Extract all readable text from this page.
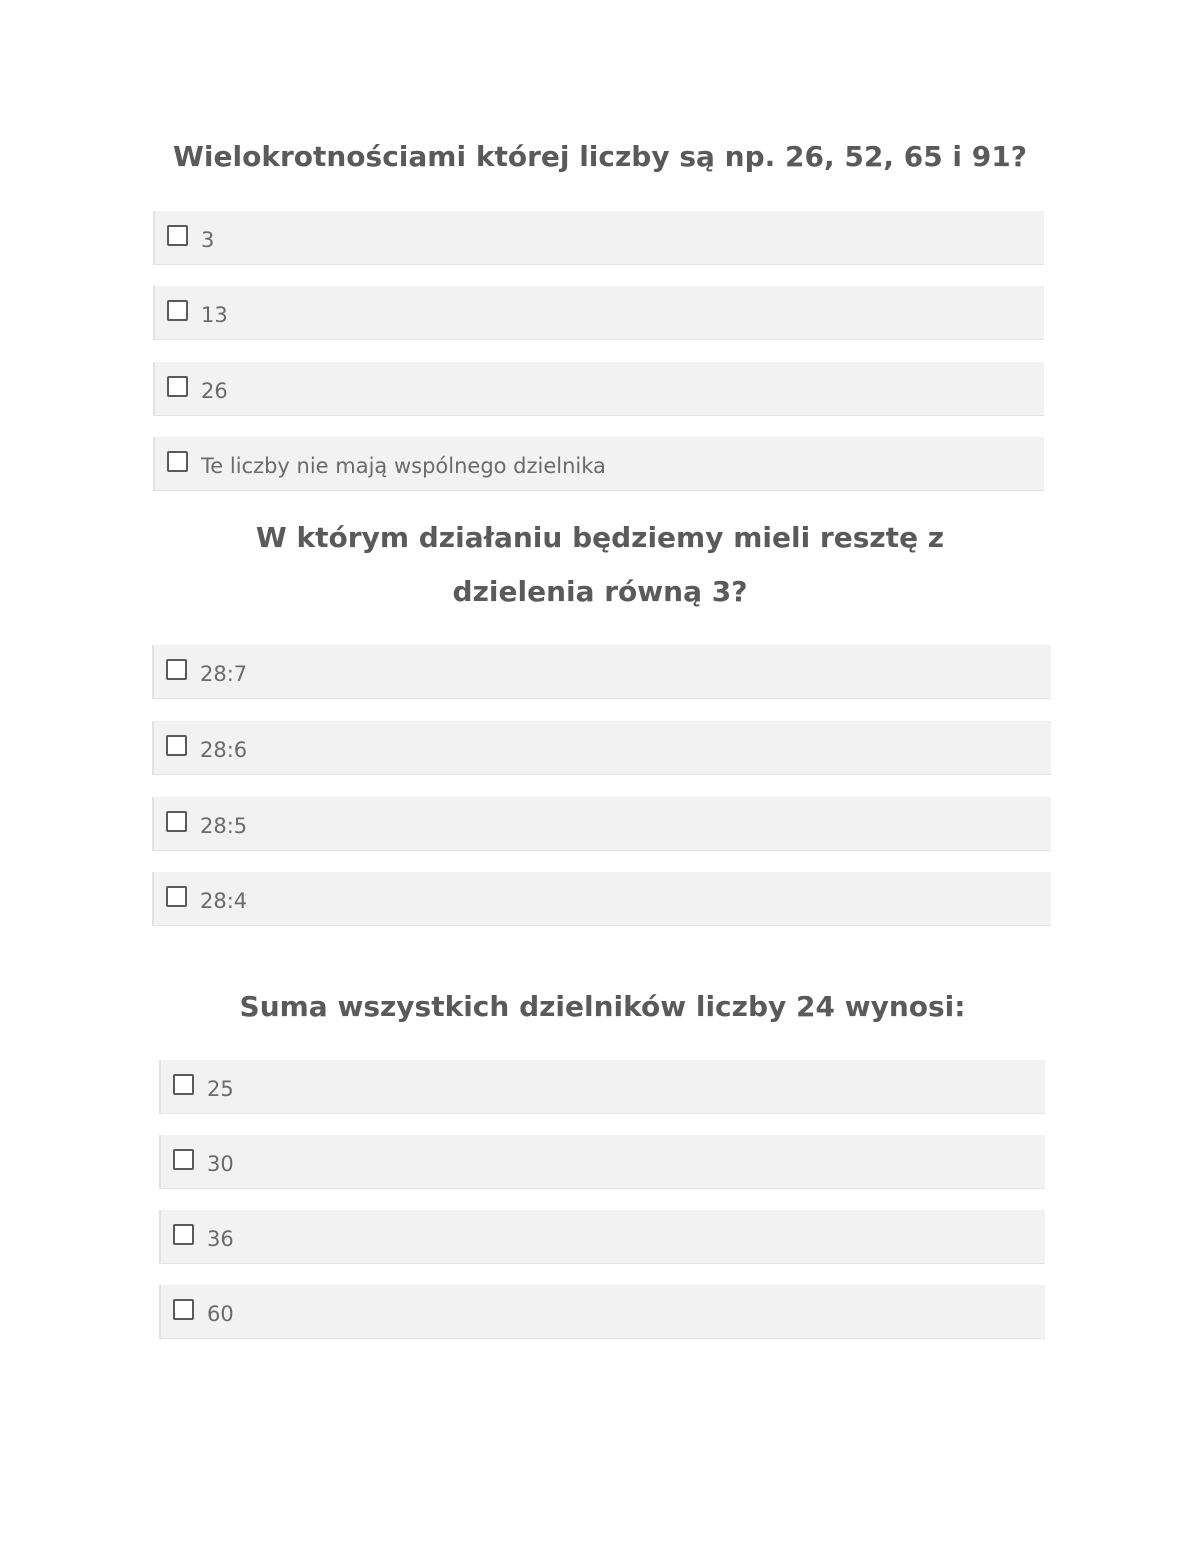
Wielokrotnościami której liczby są np. 26, 52, 65 i 91?
3
13
26
Te liczby nie mają wspólnego dzielnika
W którym działaniu będziemy mieli resztę z dzielenia równą 3?
28:7
28:6
28:5
28:4
Suma wszystkich dzielników liczby 24 wynosi:
25
30
36
60
